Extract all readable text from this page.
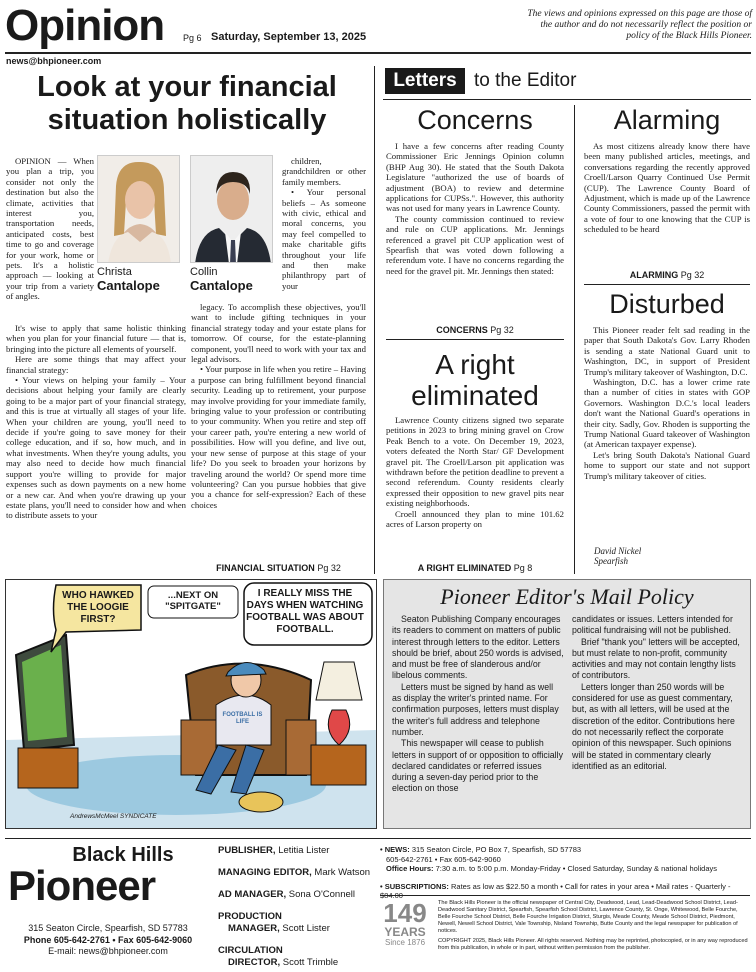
Opinion Pg 6 Saturday, September 13, 2025
The views and opinions expressed on this page are those of the author and do not necessarily reflect the position or policy of the Black Hills Pioneer.
news@bhpioneer.com
Look at your financial situation holistically

OPINION — When you plan a trip, you consider not only the destination but also the climate, activities that interest you, transportation needs, anticipated costs, best time to go and coverage for your work, home or pets. It's a holistic approach — looking at your trip from a variety of angles.

Christa
Cantalope
Collin
Cantalope

It's wise to apply that same holistic thinking when you plan for your financial future — that is, bringing into the picture all elements of yourself.

Here are some things that may affect your financial strategy:

• Your views on helping your family – Your decisions about helping your family are clearly going to be a major part of your financial strategy, and this is true at virtually all stages of your life. When your children are young, you'll need to decide if you're going to save money for their college education, and if so, how much, and in what investments. When they're young adults, you may also need to decide how much financial support you're willing to provide for major expenses such as down payments on a new home or a new car. And when you're drawing up your estate plans, you'll need to consider how and when to distribute assets to your

children, grandchildren or other family members.

• Your personal beliefs – As someone with civic, ethical and moral concerns, you may feel compelled to make charitable gifts throughout your life and then make philanthropy part of your

legacy. To accomplish these objectives, you'll want to include gifting techniques in your financial strategy today and your estate plans for tomorrow. Of course, for the estate-planning component, you'll need to work with your tax and legal advisors.

• Your purpose in life when you retire – Having a purpose can bring fulfillment beyond financial security. Leading up to retirement, your purpose may involve providing for your immediate family, bringing value to your profession or contributing to your community. When you retire and step off your career path, you're entering a new world of possibilities. How will you define, and live out, your new sense of purpose at this stage of your life? Do you seek to broaden your horizons by traveling around the world? Or spend more time volunteering? Can you pursue hobbies that give you a chance for self-expression? Each of these choices

FINANCIAL SITUATION Pg 32
Letters to the Editor
Concerns

I have a few concerns after reading County Commissioner Eric Jennings Opinion column (BHP Aug 30). He stated that the South Dakota Legislature "authorized the use of boards of adjustment (BOA) to review and determine applications for CUPSs.". However, this authority was not used for many years in Lawrence County.

The county commission continued to review and rule on CUP applications. Mr. Jennings referenced a gravel pit CUP application west of Spearfish that was voted down following a referendum vote. I have no concerns regarding the need for the gravel pit. Mr. Jennings then stated:

CONCERNS Pg 32
A right
eliminated

Lawrence County citizens signed two separate petitions in 2023 to bring mining gravel on Crow Peak Bench to a vote. On December 19, 2023, voters defeated the North Star/ GF Development gravel pit. The Croell/Larson pit application was withdrawn before the petition deadline to prevent a second referendum. County residents clearly expressed their opposition to new gravel pits near existing neighborhoods.

Croell announced they plan to mine 101.62 acres of Larson property on

A RIGHT ELIMINATED Pg 8
Alarming

As most citizens already know there have been many published articles, meetings, and conversations regarding the recently approved Croell/Larson Quarry Continued Use Permit (CUP). The Lawrence County Board of Adjustment, which is made up of the Lawrence County Commissioners, passed the permit with a vote of four to one knowing that the CUP is scheduled to be heard

ALARMING Pg 32
Disturbed

This Pioneer reader felt sad reading in the paper that South Dakota's Gov. Larry Rhoden is sending a state National Guard unit to Washington, DC, in support of President Trump's military takeover of Washington, D.C.

Washington, D.C. has a lower crime rate than a number of cities in states with GOP Governors. Washington D.C.'s local leaders don't want the National Guard's operations in their city. Sadly, Gov. Rhoden is supporting the Trump National Guard takeover of Washington (at American taxpayer expense).

Let's bring South Dakota's National Guard home to support our state and not support Trump's military takeover of cities.

David Nickel
Spearfish
WHO HAWKED THE LOOGIE FIRST?
...NEXT ON "SPITGATE"
I REALLY MISS THE DAYS WHEN WATCHING FOOTBALL WAS ABOUT FOOTBALL.
FOOTBALL IS LIFE
AndrewsMcMeel SYNDICATE
Pioneer Editor's Mail Policy

Seaton Publishing Company encourages its readers to comment on matters of public interest through letters to the editor. Letters should be brief, about 250 words is advised, and must be free of slanderous and/or libelous comments.

Letters must be signed by hand as well as display the writer's printed name. For confirmation purposes, letters must display the writer's full address and telephone number.

This newspaper will cease to publish letters in support of or opposition to officially declared candidates or referred issues during a seven-day period prior to the election on those

candidates or issues. Letters intended for political fundraising will not be published.

Brief "thank you" letters will be accepted, but must relate to non-profit, community activities and may not contain lengthy lists of contributors.

Letters longer than 250 words will be considered for use as guest commentary, but, as with all letters, will be used at the discretion of the editor. Contributions here do not necessarily reflect the corporate opinion of this newspaper. Such opinions will be stated in commentary clearly identified as an editorial.

Black Hills
Pioneer
315 Seaton Circle, Spearfish, SD 57783
Phone 605-642-2761 • Fax 605-642-9060
E-mail: news@bhpioneer.com
PUBLISHER, Letitia Lister
MANAGING EDITOR, Mark Watson
AD MANAGER, Sona O'Connell
PRODUCTION
MANAGER, Scott Lister
CIRCULATION
DIRECTOR, Scott Trimble
• NEWS: 315 Seaton Circle, PO Box 7, Spearfish, SD 57783
605-642-2761 • Fax 605-642-9060
Office Hours: 7:30 a.m. to 5:00 p.m. Monday-Friday • Closed Saturday, Sunday & national holidays
• SUBSCRIPTIONS: Rates as low as $22.50 a month • Call for rates in your area • Mail rates - Quarterly -
149
YEARS
Since 1876
The Black Hills Pioneer is the official newspaper of Central City, Deadwood, Lead, Lead-Deadwood School District, Lead-Deadwood Sanitary District, Spearfish, Spearfish School District, Lawrence County, St. Onge, Whitewood, Belle Fourche, Belle Fourche School District, Belle Fourche Irrigation District, Sturgis, Meade County, Meade School District, Piedmont, Newell, Newell School District, Vale Township, Nisland Township, Butte County and the legal newspaper for publication of notices.
COPYRIGHT 2025, Black Hills Pioneer. All rights reserved. Nothing may be reprinted, photocopied, or in any way reproduced from this publication, in whole or in part, without written permission from the publisher.
